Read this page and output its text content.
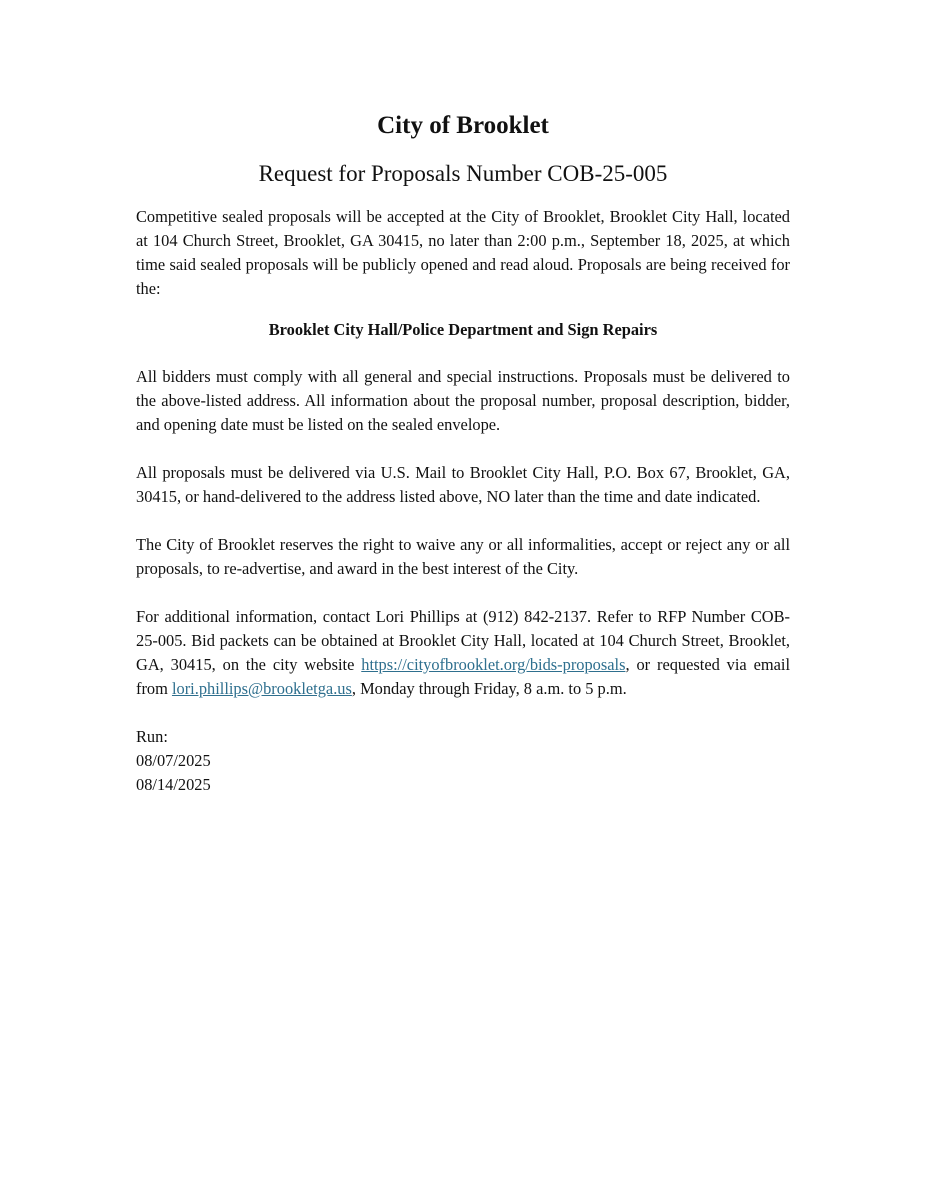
City of Brooklet
Request for Proposals Number COB-25-005

Competitive sealed proposals will be accepted at the City of Brooklet, Brooklet City Hall, located at 104 Church Street, Brooklet, GA 30415, no later than 2:00 p.m., September 18, 2025, at which time said sealed proposals will be publicly opened and read aloud. Proposals are being received for the:

Brooklet City Hall/Police Department and Sign Repairs

All bidders must comply with all general and special instructions. Proposals must be delivered to the above-listed address. All information about the proposal number, proposal description, bidder, and opening date must be listed on the sealed envelope.

All proposals must be delivered via U.S. Mail to Brooklet City Hall, P.O. Box 67, Brooklet, GA, 30415, or hand-delivered to the address listed above, NO later than the time and date indicated.

The City of Brooklet reserves the right to waive any or all informalities, accept or reject any or all proposals, to re-advertise, and award in the best interest of the City.

For additional information, contact Lori Phillips at (912) 842-2137. Refer to RFP Number COB-25-005. Bid packets can be obtained at Brooklet City Hall, located at 104 Church Street, Brooklet, GA, 30415, on the city website https://cityofbrooklet.org/bids-proposals, or requested via email from lori.phillips@brookletga.us, Monday through Friday, 8 a.m. to 5 p.m.

Run:
08/07/2025
08/14/2025
